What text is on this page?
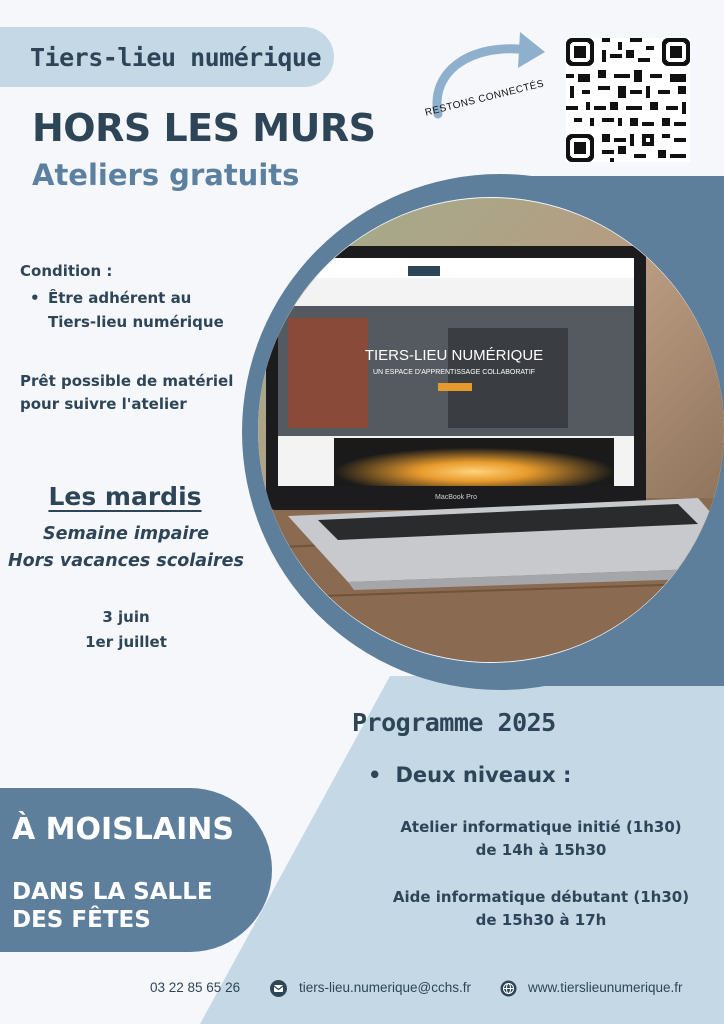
Tiers-lieu numérique
HORS LES MURS
Ateliers gratuits
RESTONS CONNECTÉS
TIERS-LIEU NUMÉRIQUE
UN ESPACE D'APPRENTISSAGE COLLABORATIF
MacBook Pro
Condition :
• Être adhérent au Tiers-lieu numérique
Prêt possible de matériel pour suivre l'atelier
Les mardis
Semaine impaire
Hors vacances scolaires
3 juin
1er juillet
Programme 2025
• Deux niveaux :
Atelier informatique initié (1h30)
de 14h à 15h30
Aide informatique débutant (1h30)
de 15h30 à 17h
À MOISLAINS
DANS LA SALLE DES FÊTES
03 22 85 65 26	tiers-lieu.numerique@cchs.fr	www.tierslieunumerique.fr
